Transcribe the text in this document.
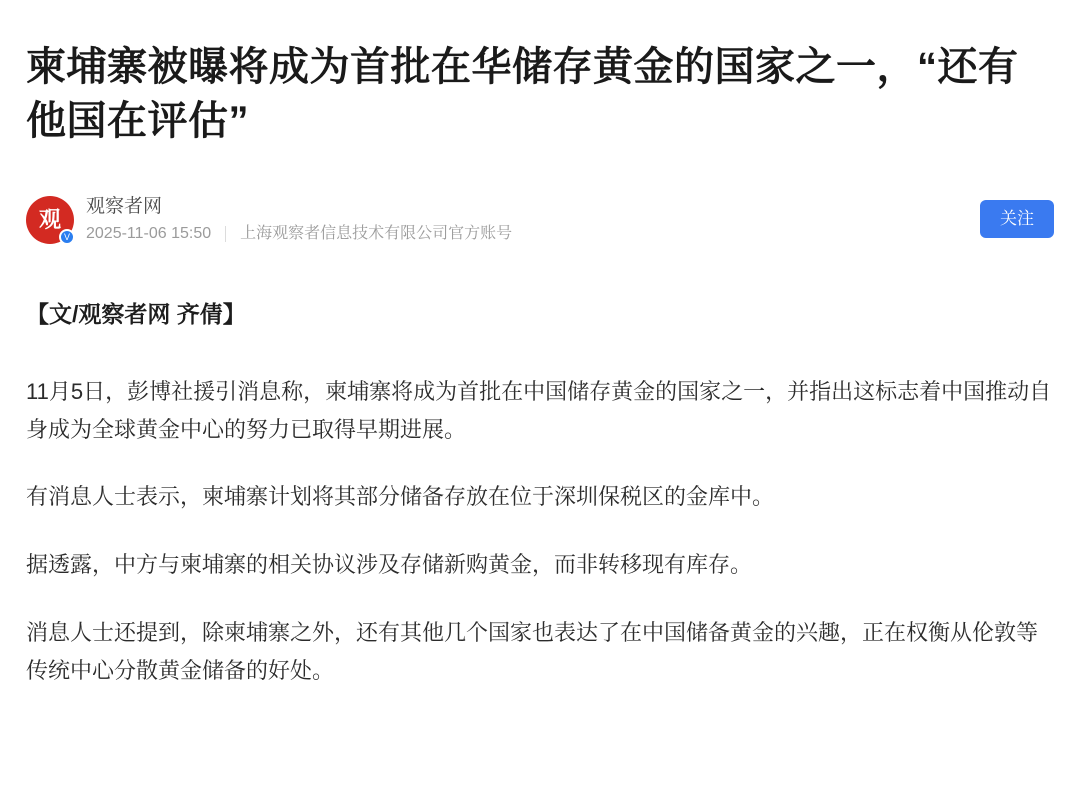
柬埔寨被曝将成为首批在华储存黄金的国家之一，“还有他国在评估”
观
V
观察者网
2025-11-06 15:50 上海观察者信息技术有限公司官方账号
关注

【文/观察者网 齐倩】

11月5日，彭博社援引消息称，柬埔寨将成为首批在中国储存黄金的国家之一，并指出这标志着中国推动自身成为全球黄金中心的努力已取得早期进展。

有消息人士表示，柬埔寨计划将其部分储备存放在位于深圳保税区的金库中。

据透露，中方与柬埔寨的相关协议涉及存储新购黄金，而非转移现有库存。

消息人士还提到，除柬埔寨之外，还有其他几个国家也表达了在中国储备黄金的兴趣，正在权衡从伦敦等传统中心分散黄金储备的好处。
